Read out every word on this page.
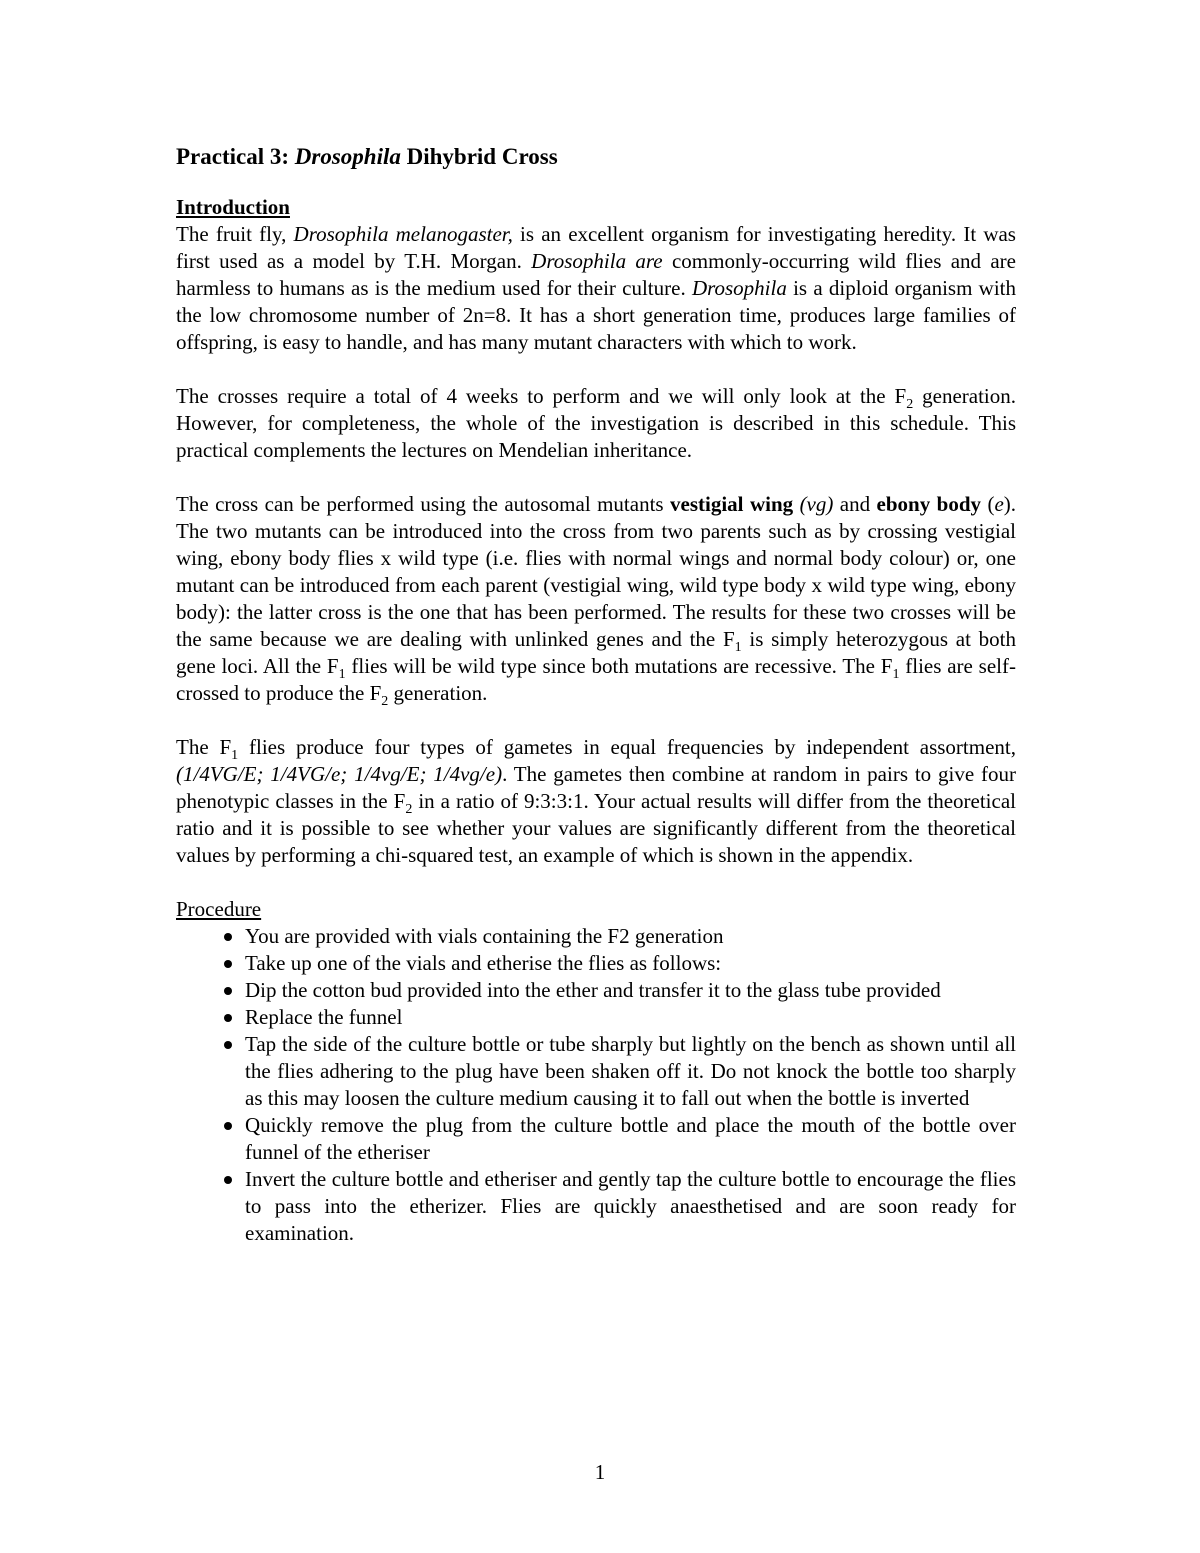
Practical 3: Drosophila Dihybrid Cross
Introduction

The fruit fly, Drosophila melanogaster, is an excellent organism for investigating heredity. It was first used as a model by T.H. Morgan. Drosophila are commonly-occurring wild flies and are harmless to humans as is the medium used for their culture. Drosophila is a diploid organism with the low chromosome number of 2n=8. It has a short generation time, produces large families of offspring, is easy to handle, and has many mutant characters with which to work.

The crosses require a total of 4 weeks to perform and we will only look at the $F_2$ generation. However, for completeness, the whole of the investigation is described in this schedule. This practical complements the lectures on Mendelian inheritance.

The cross can be performed using the autosomal mutants vestigial wing (vg) and ebony body (e). The two mutants can be introduced into the cross from two parents such as by crossing vestigial wing, ebony body flies x wild type (i.e. flies with normal wings and normal body colour) or, one mutant can be introduced from each parent (vestigial wing, wild type body x wild type wing, ebony body): the latter cross is the one that has been performed. The results for these two crosses will be the same because we are dealing with unlinked genes and the $F_1$ is simply heterozygous at both gene loci. All the $F_1$ flies will be wild type since both mutations are recessive. The $F_1$ flies are self-crossed to produce the $F_2$ generation.

The $F_1$ flies produce four types of gametes in equal frequencies by independent assortment, (1/4VG/E; 1/4VG/e; 1/4vg/E; 1/4vg/e). The gametes then combine at random in pairs to give four phenotypic classes in the $F_2$ in a ratio of 9:3:3:1. Your actual results will differ from the theoretical ratio and it is possible to see whether your values are significantly different from the theoretical values by performing a chi-squared test, an example of which is shown in the appendix.

Procedure
You are provided with vials containing the F2 generation
Take up one of the vials and etherise the flies as follows:
Dip the cotton bud provided into the ether and transfer it to the glass tube provided
Replace the funnel
Tap the side of the culture bottle or tube sharply but lightly on the bench as shown until all the flies adhering to the plug have been shaken off it. Do not knock the bottle too sharply as this may loosen the culture medium causing it to fall out when the bottle is inverted
Quickly remove the plug from the culture bottle and place the mouth of the bottle over funnel of the etheriser
Invert the culture bottle and etheriser and gently tap the culture bottle to encourage the flies to pass into the etherizer. Flies are quickly anaesthetised and are soon ready for examination.
1
